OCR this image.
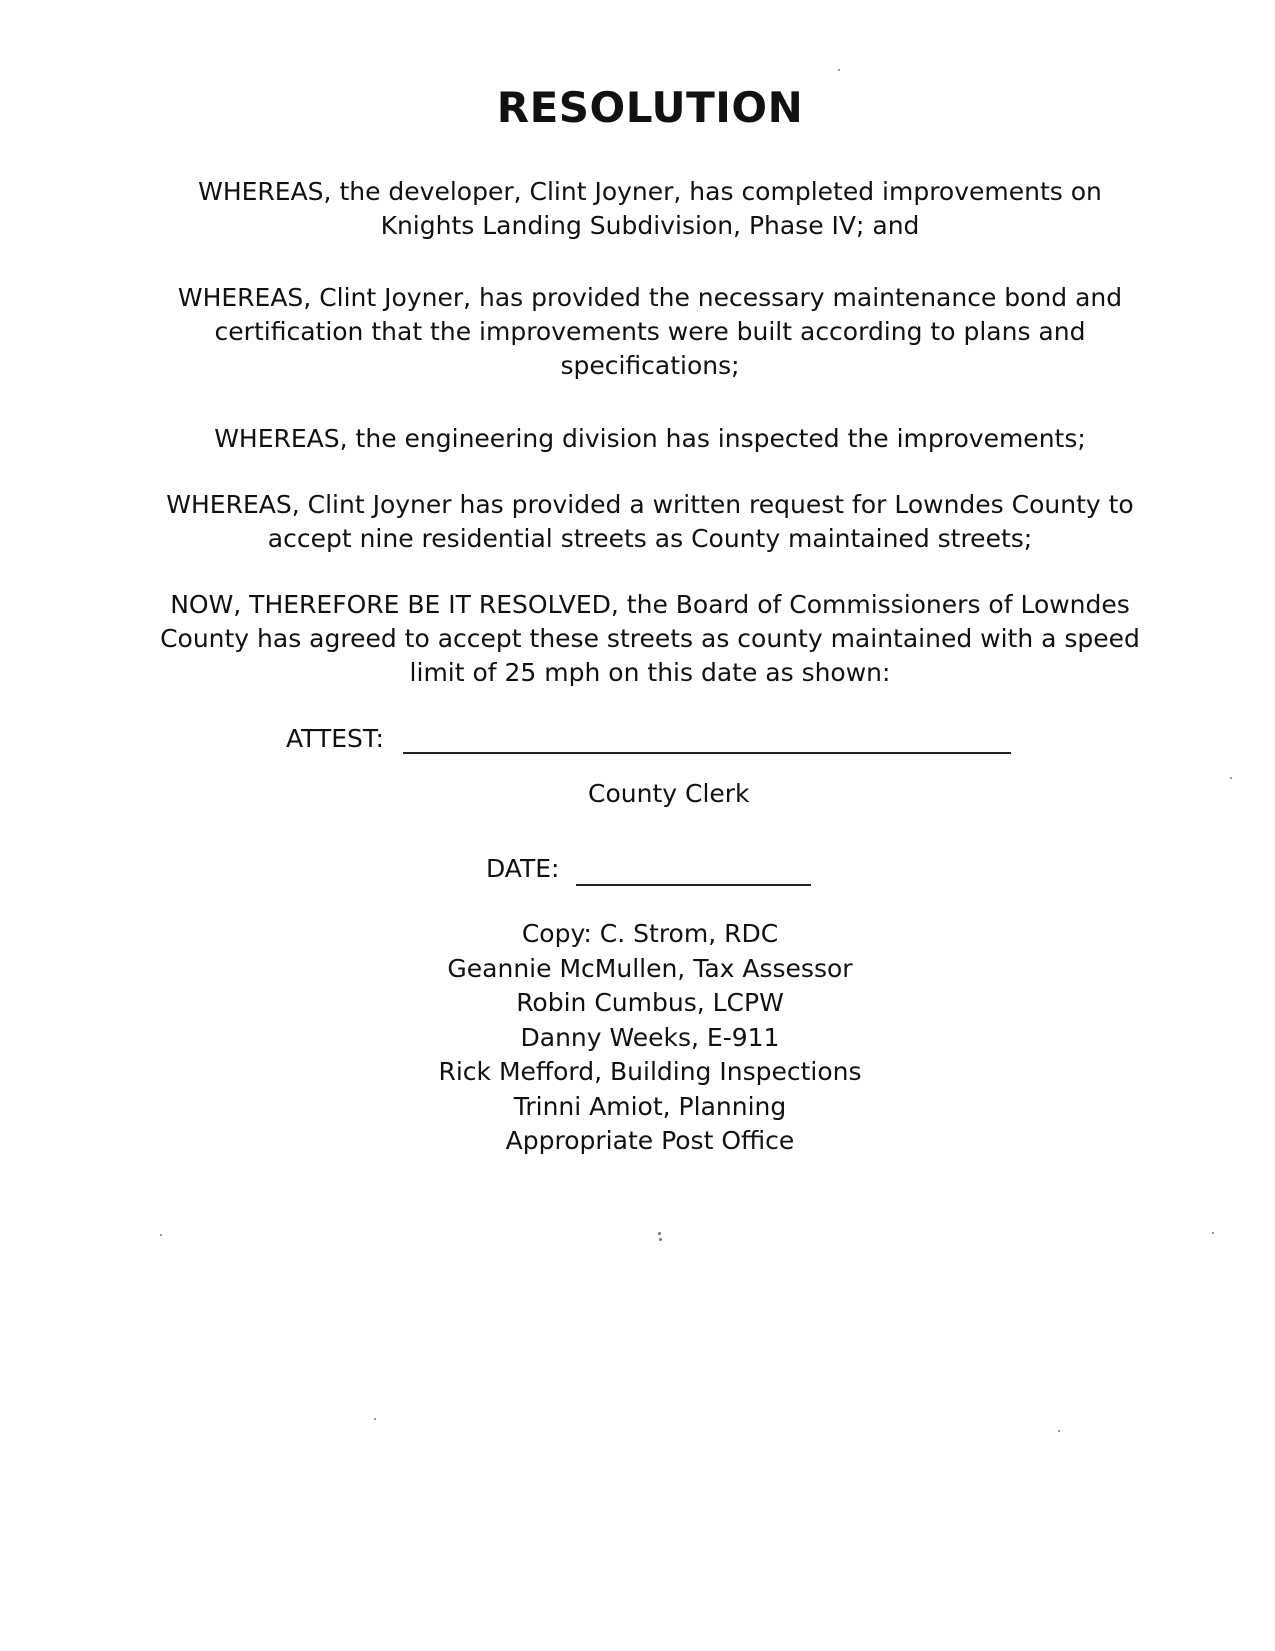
RESOLUTION
WHEREAS, the developer, Clint Joyner, has completed improvements on
Knights Landing Subdivision, Phase IV; and
WHEREAS, Clint Joyner, has provided the necessary maintenance bond and
certification that the improvements were built according to plans and
specifications;
WHEREAS, the engineering division has inspected the improvements;
WHEREAS, Clint Joyner has provided a written request for Lowndes County to
accept nine residential streets as County maintained streets;
NOW, THEREFORE BE IT RESOLVED, the Board of Commissioners of Lowndes
County has agreed to accept these streets as county maintained with a speed
limit of 25 mph on this date as shown:
ATTEST:
County Clerk
DATE:
Copy: C. Strom, RDC
Geannie McMullen, Tax Assessor
Robin Cumbus, LCPW
Danny Weeks, E-911
Rick Mefford, Building Inspections
Trinni Amiot, Planning
Appropriate Post Office
